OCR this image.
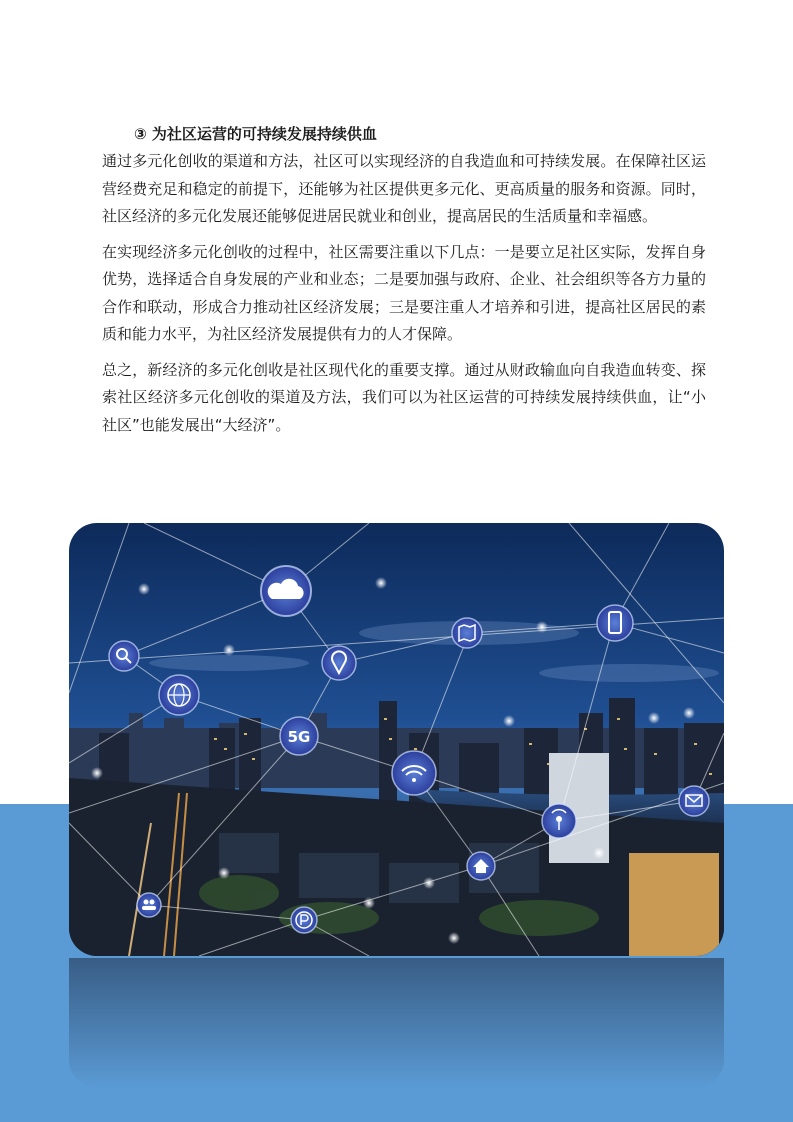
③ 为社区运营的可持续发展持续供血

通过多元化创收的渠道和方法，社区可以实现经济的自我造血和可持续发展。在保障社区运营经费充足和稳定的前提下，还能够为社区提供更多元化、更高质量的服务和资源。同时，社区经济的多元化发展还能够促进居民就业和创业，提高居民的生活质量和幸福感。

在实现经济多元化创收的过程中，社区需要注重以下几点：一是要立足社区实际，发挥自身优势，选择适合自身发展的产业和业态；二是要加强与政府、企业、社会组织等各方力量的合作和联动，形成合力推动社区经济发展；三是要注重人才培养和引进，提高社区居民的素质和能力水平，为社区经济发展提供有力的人才保障。

总之，新经济的多元化创收是社区现代化的重要支撑。通过从财政输血向自我造血转变、探索社区经济多元化创收的渠道及方法，我们可以为社区运营的可持续发展持续供血，让“小社区”也能发展出“大经济”。

5G
